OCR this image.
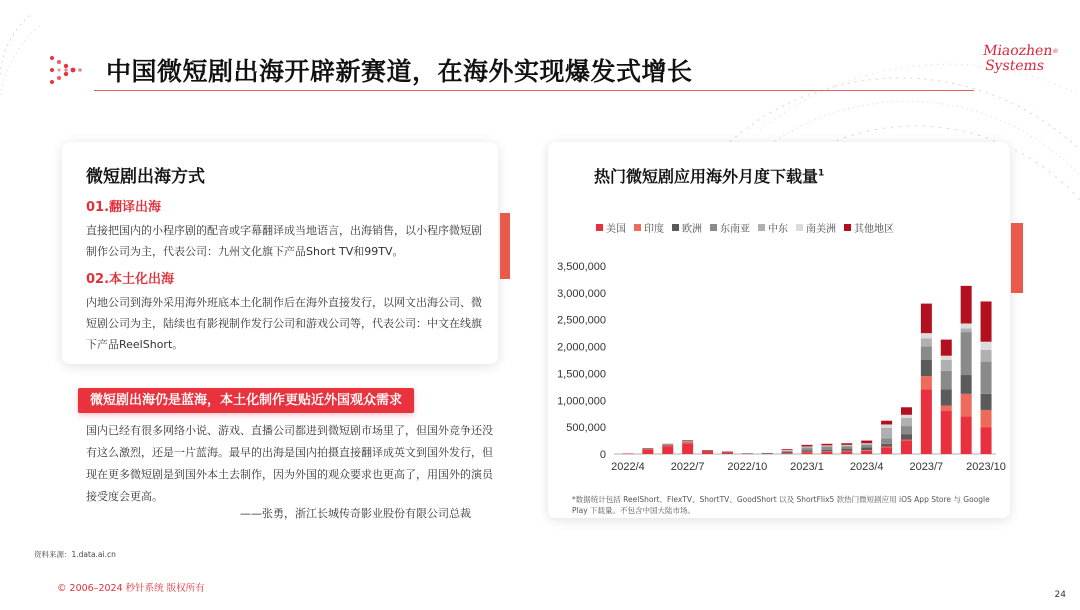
中国微短剧出海开辟新赛道，在海外实现爆发式增长
Miaozhen®
Systems
微短剧出海方式
01.翻译出海
直接把国内的小程序剧的配音或字幕翻译成当地语言，出海销售，以小程序微短剧制作公司为主，代表公司：九州文化旗下产品Short TV和99TV。
02.本土化出海
内地公司到海外采用海外班底本土化制作后在海外直接发行，以网文出海公司、微短剧公司为主，陆续也有影视制作发行公司和游戏公司等，代表公司：中文在线旗下产品ReelShort。
微短剧出海仍是蓝海，本土化制作更贴近外国观众需求
国内已经有很多网络小说、游戏、直播公司都进到微短剧市场里了，但国外竞争还没有这么激烈，还是一片蓝海。最早的出海是国内拍摄直接翻译成英文到国外发行，但现在更多微短剧是到国外本土去制作，因为外国的观众要求也更高了，用国外的演员接受度会更高。
——张勇，浙江长城传奇影业股份有限公司总裁
热门微短剧应用海外月度下载量$^1$
美国 印度 欧洲 东南亚 中东 南美洲 其他地区
0
500,000
1,000,000
1,500,000
2,000,000
2,500,000
3,000,000
3,500,000
2022/4 2022/7 2022/10 2023/1 2023/4 2023/7 2023/10
*数据统计包括 ReelShort、FlexTV、ShortTV、GoodShort 以及 ShortFlix5 款热门微短剧应用 iOS App Store 与 Google Play 下载量。不包含中国大陆市场。
资料来源：1.data.ai.cn
© 2006–2024 秒针系统 版权所有
24
